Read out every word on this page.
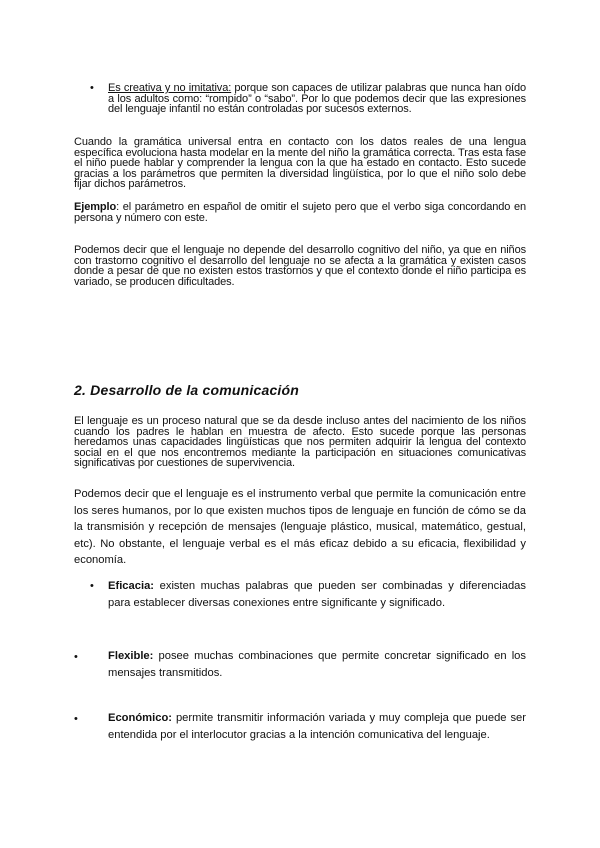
• Es creativa y no imitativa: porque son capaces de utilizar palabras que nunca han oído a los adultos como: “rompido” o “sabo”. Por lo que podemos decir que las expresiones del lenguaje infantil no están controladas por sucesos externos.
Cuando la gramática universal entra en contacto con los datos reales de una lengua específica evoluciona hasta modelar en la mente del niño la gramática correcta. Tras esta fase el niño puede hablar y comprender la lengua con la que ha estado en contacto. Esto sucede gracias a los parámetros que permiten la diversidad lingüística, por lo que el niño solo debe fijar dichos parámetros.
Ejemplo: el parámetro en español de omitir el sujeto pero que el verbo siga concordando en persona y número con este.
Podemos decir que el lenguaje no depende del desarrollo cognitivo del niño, ya que en niños con trastorno cognitivo el desarrollo del lenguaje no se afecta a la gramática y existen casos donde a pesar de que no existen estos trastornos y que el contexto donde el niño participa es variado, se producen dificultades.
2. Desarrollo de la comunicación
El lenguaje es un proceso natural que se da desde incluso antes del nacimiento de los niños cuando los padres le hablan en muestra de afecto. Esto sucede porque las personas heredamos unas capacidades lingüísticas que nos permiten adquirir la lengua del contexto social en el que nos encontremos mediante la participación en situaciones comunicativas significativas por cuestiones de supervivencia.
Podemos decir que el lenguaje es el instrumento verbal que permite la comunicación entre los seres humanos, por lo que existen muchos tipos de lenguaje en función de cómo se da la transmisión y recepción de mensajes (lenguaje plástico, musical, matemático, gestual, etc). No obstante, el lenguaje verbal es el más eficaz debido a su eficacia, flexibilidad y economía.
• Eficacia: existen muchas palabras que pueden ser combinadas y diferenciadas para establecer diversas conexiones entre significante y significado.
•	Flexible: posee muchas combinaciones que permite concretar significado en los mensajes transmitidos.
•	Económico: permite transmitir información variada y muy compleja que puede ser entendida por el interlocutor gracias a la intención comunicativa del lenguaje.
